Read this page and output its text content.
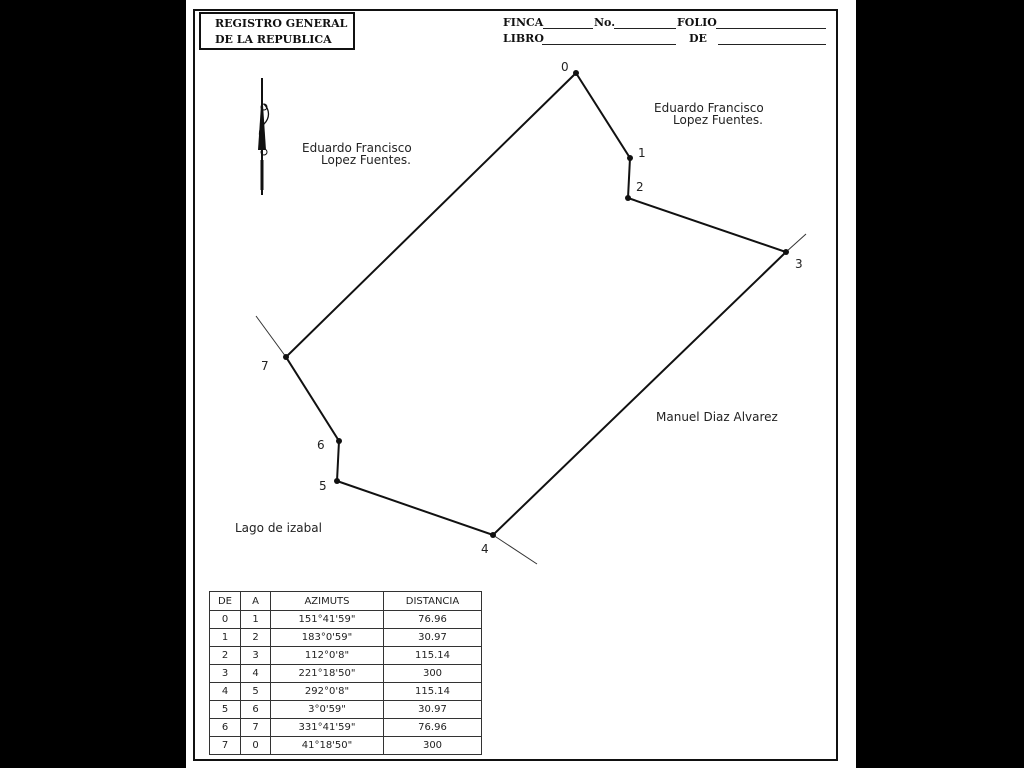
REGISTRO GENERAL
DE LA REPUBLICA
FINCA	No.	FOLIO
LIBRO	DE
0
1
2
3
4
5
6
7
Eduardo Francisco
Lopez Fuentes.
Eduardo Francisco
Lopez Fuentes.
Manuel Diaz Alvarez
Lago de izabal
DE	A	AZIMUTS	DISTANCIA
0	1	151°41'59"	76.96
1	2	183°0'59"	30.97
2	3	112°0'8"	115.14
3	4	221°18'50"	300
4	5	292°0'8"	115.14
5	6	3°0'59"	30.97
6	7	331°41'59"	76.96
7	0	41°18'50"	300
